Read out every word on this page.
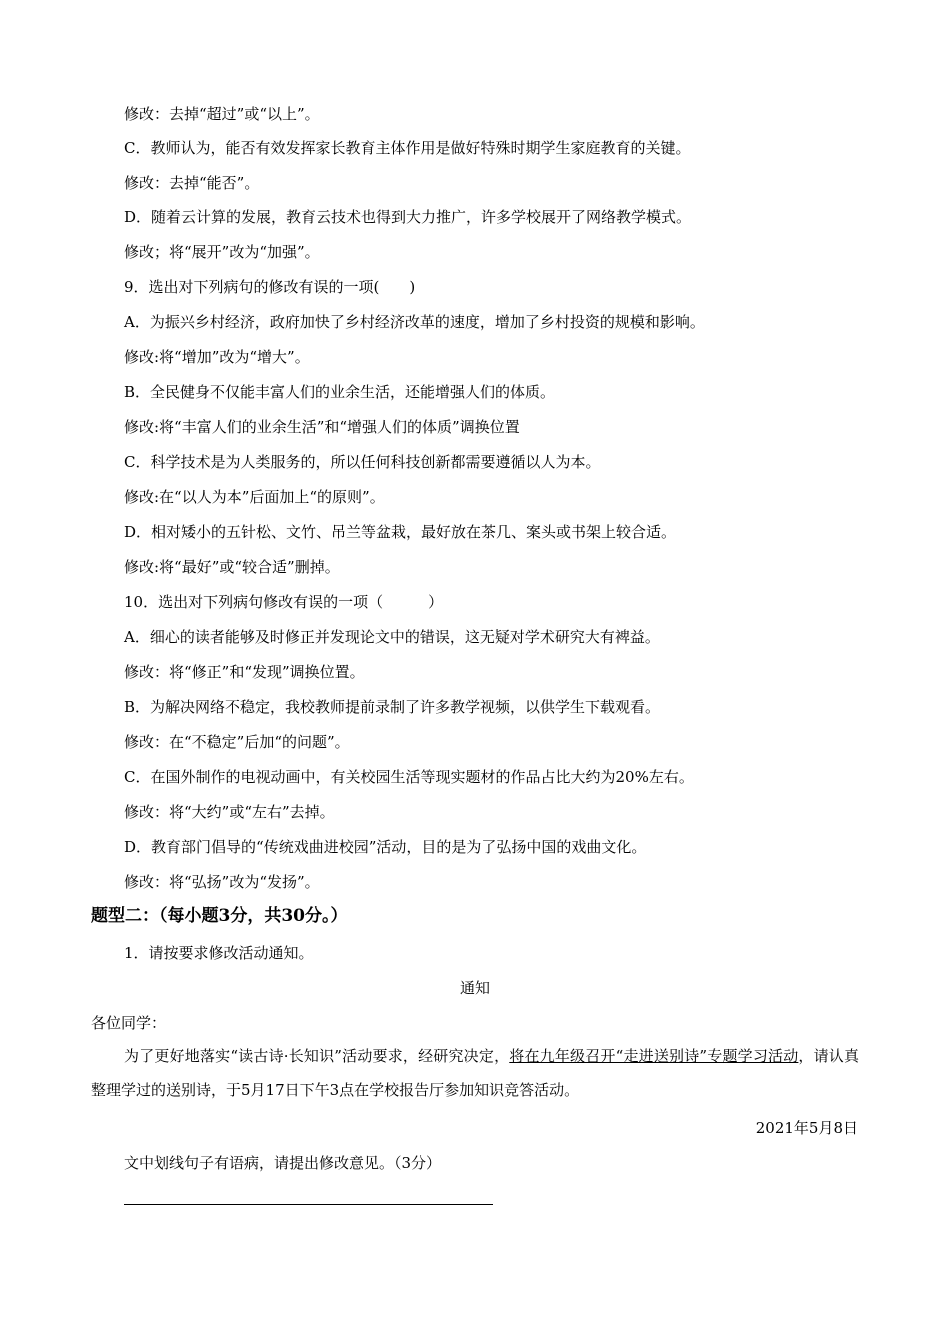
修改：去掉“超过”或“以上”。
C．教师认为，能否有效发挥家长教育主体作用是做好特殊时期学生家庭教育的关键。
修改：去掉“能否”。
D．随着云计算的发展，教育云技术也得到大力推广，许多学校展开了网络教学模式。
修改；将“展开”改为“加强”。
9．选出对下列病句的修改有误的一项(　　)
A．为振兴乡村经济，政府加快了乡村经济改革的速度，增加了乡村投资的规模和影响。
修改:将“增加”改为“增大”。
B．全民健身不仅能丰富人们的业余生活，还能增强人们的体质。
修改:将“丰富人们的业余生活”和“增强人们的体质”调换位置
C．科学技术是为人类服务的，所以任何科技创新都需要遵循以人为本。
修改:在“以人为本”后面加上“的原则”。
D．相对矮小的五针松、文竹、吊兰等盆栽，最好放在茶几、案头或书架上较合适。
修改:将“最好”或“较合适”删掉。
10．选出对下列病句修改有误的一项（　　　）
A．细心的读者能够及时修正并发现论文中的错误，这无疑对学术研究大有裨益。
修改：将“修正”和“发现”调换位置。
B．为解决网络不稳定，我校教师提前录制了许多教学视频，以供学生下载观看。
修改：在“不稳定”后加“的问题”。
C．在国外制作的电视动画中，有关校园生活等现实题材的作品占比大约为20%左右。
修改：将“大约”或“左右”去掉。
D．教育部门倡导的“传统戏曲进校园”活动，目的是为了弘扬中国的戏曲文化。
修改：将“弘扬”改为“发扬”。
题型二：（每小题3分，共30分。）
1．请按要求修改活动通知。
通知
各位同学：
为了更好地落实“读古诗·长知识”活动要求，经研究决定，将在九年级召开“走进送别诗”专题学习活动，请认真整理学过的送别诗，于5月17日下午3点在学校报告厅参加知识竞答活动。
2021年5月8日
文中划线句子有语病，请提出修改意见。（3分）
